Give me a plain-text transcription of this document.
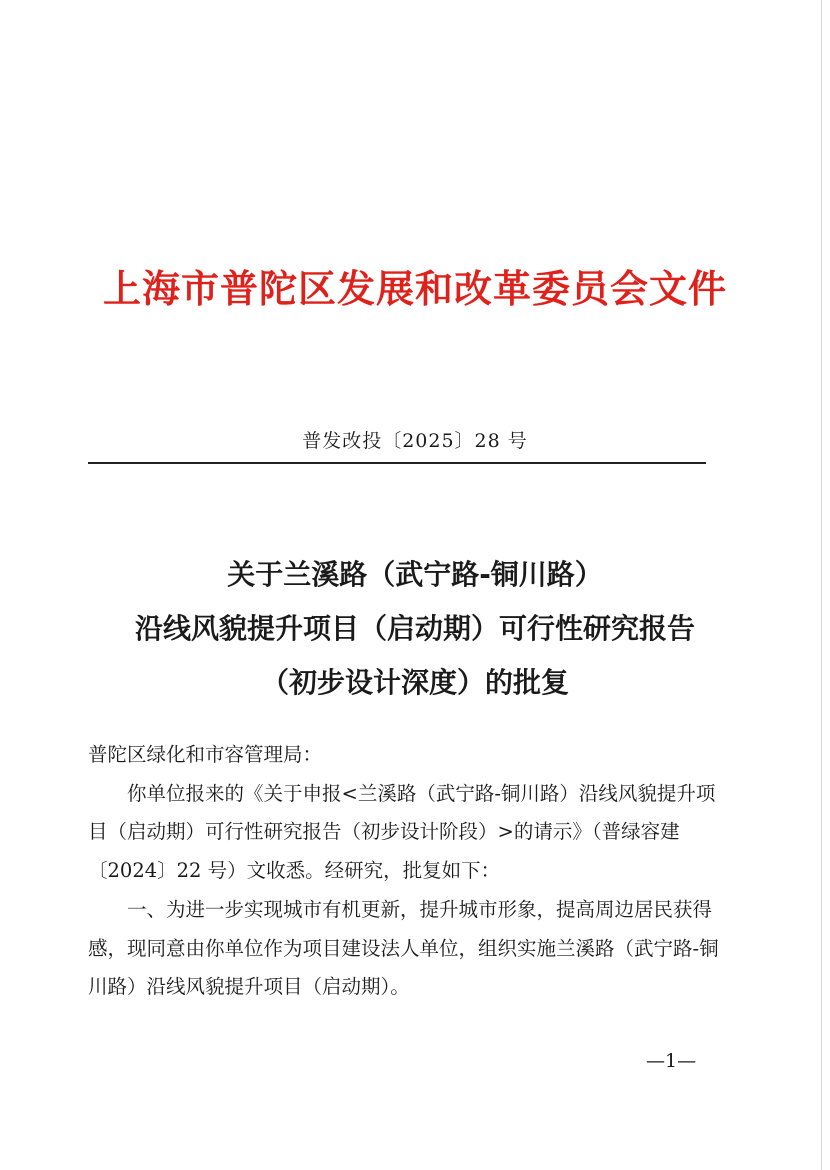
上海市普陀区发展和改革委员会文件
普发改投〔2025〕28 号
关于兰溪路（武宁路-铜川路）
沿线风貌提升项目（启动期）可行性研究报告
（初步设计深度）的批复

普陀区绿化和市容管理局：

你单位报来的《关于申报<兰溪路（武宁路-铜川路）沿线风貌提升项目（启动期）可行性研究报告（初步设计阶段）>的请示》（普绿容建〔2024〕22 号）文收悉。经研究，批复如下：

一、为进一步实现城市有机更新，提升城市形象，提高周边居民获得感，现同意由你单位作为项目建设法人单位，组织实施兰溪路（武宁路-铜川路）沿线风貌提升项目（启动期）。

—1—
